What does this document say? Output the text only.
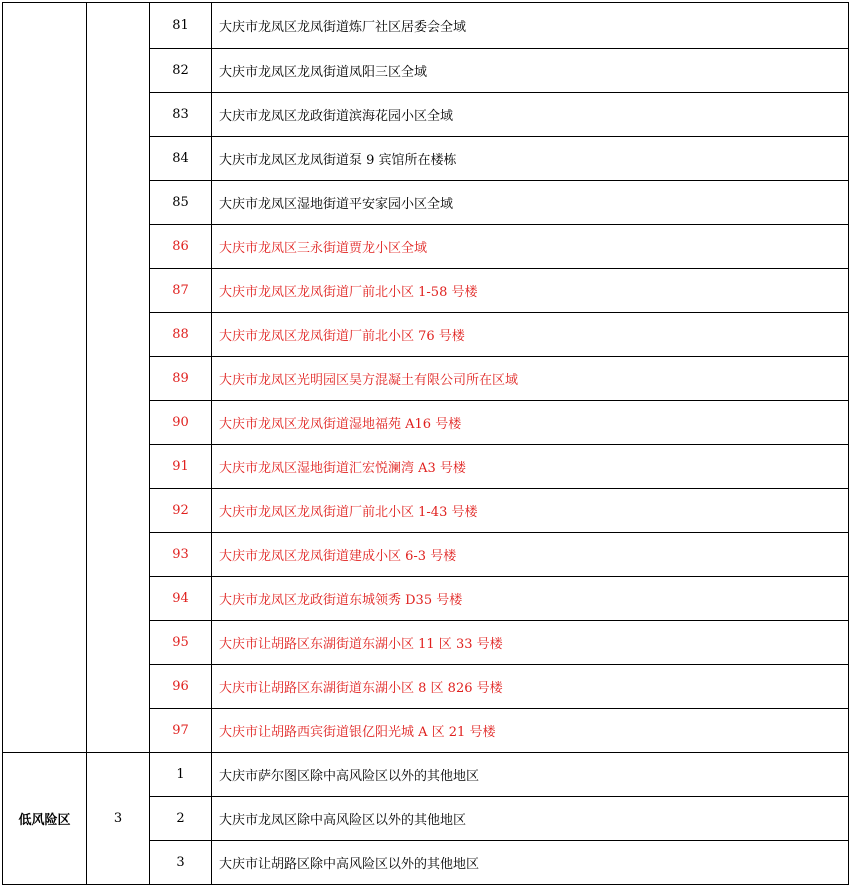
		81	大庆市龙凤区龙凤街道炼厂社区居委会全域
		82	大庆市龙凤区龙凤街道凤阳三区全域
		83	大庆市龙凤区龙政街道滨海花园小区全域
		84	大庆市龙凤区龙凤街道泵 9 宾馆所在楼栋
		85	大庆市龙凤区湿地街道平安家园小区全域
		86	大庆市龙凤区三永街道贾龙小区全域
		87	大庆市龙凤区龙凤街道厂前北小区 1-58 号楼
		88	大庆市龙凤区龙凤街道厂前北小区 76 号楼
		89	大庆市龙凤区光明园区昊方混凝土有限公司所在区域
		90	大庆市龙凤区龙凤街道湿地福苑 A16 号楼
		91	大庆市龙凤区湿地街道汇宏悦澜湾 A3 号楼
		92	大庆市龙凤区龙凤街道厂前北小区 1-43 号楼
		93	大庆市龙凤区龙凤街道建成小区 6-3 号楼
		94	大庆市龙凤区龙政街道东城领秀 D35 号楼
		95	大庆市让胡路区东湖街道东湖小区 11 区 33 号楼
		96	大庆市让胡路区东湖街道东湖小区 8 区 826 号楼
		97	大庆市让胡路西宾街道银亿阳光城 A 区 21 号楼
低风险区	3	1	大庆市萨尔图区除中高风险区以外的其他地区
		2	大庆市龙凤区除中高风险区以外的其他地区
		3	大庆市让胡路区除中高风险区以外的其他地区
